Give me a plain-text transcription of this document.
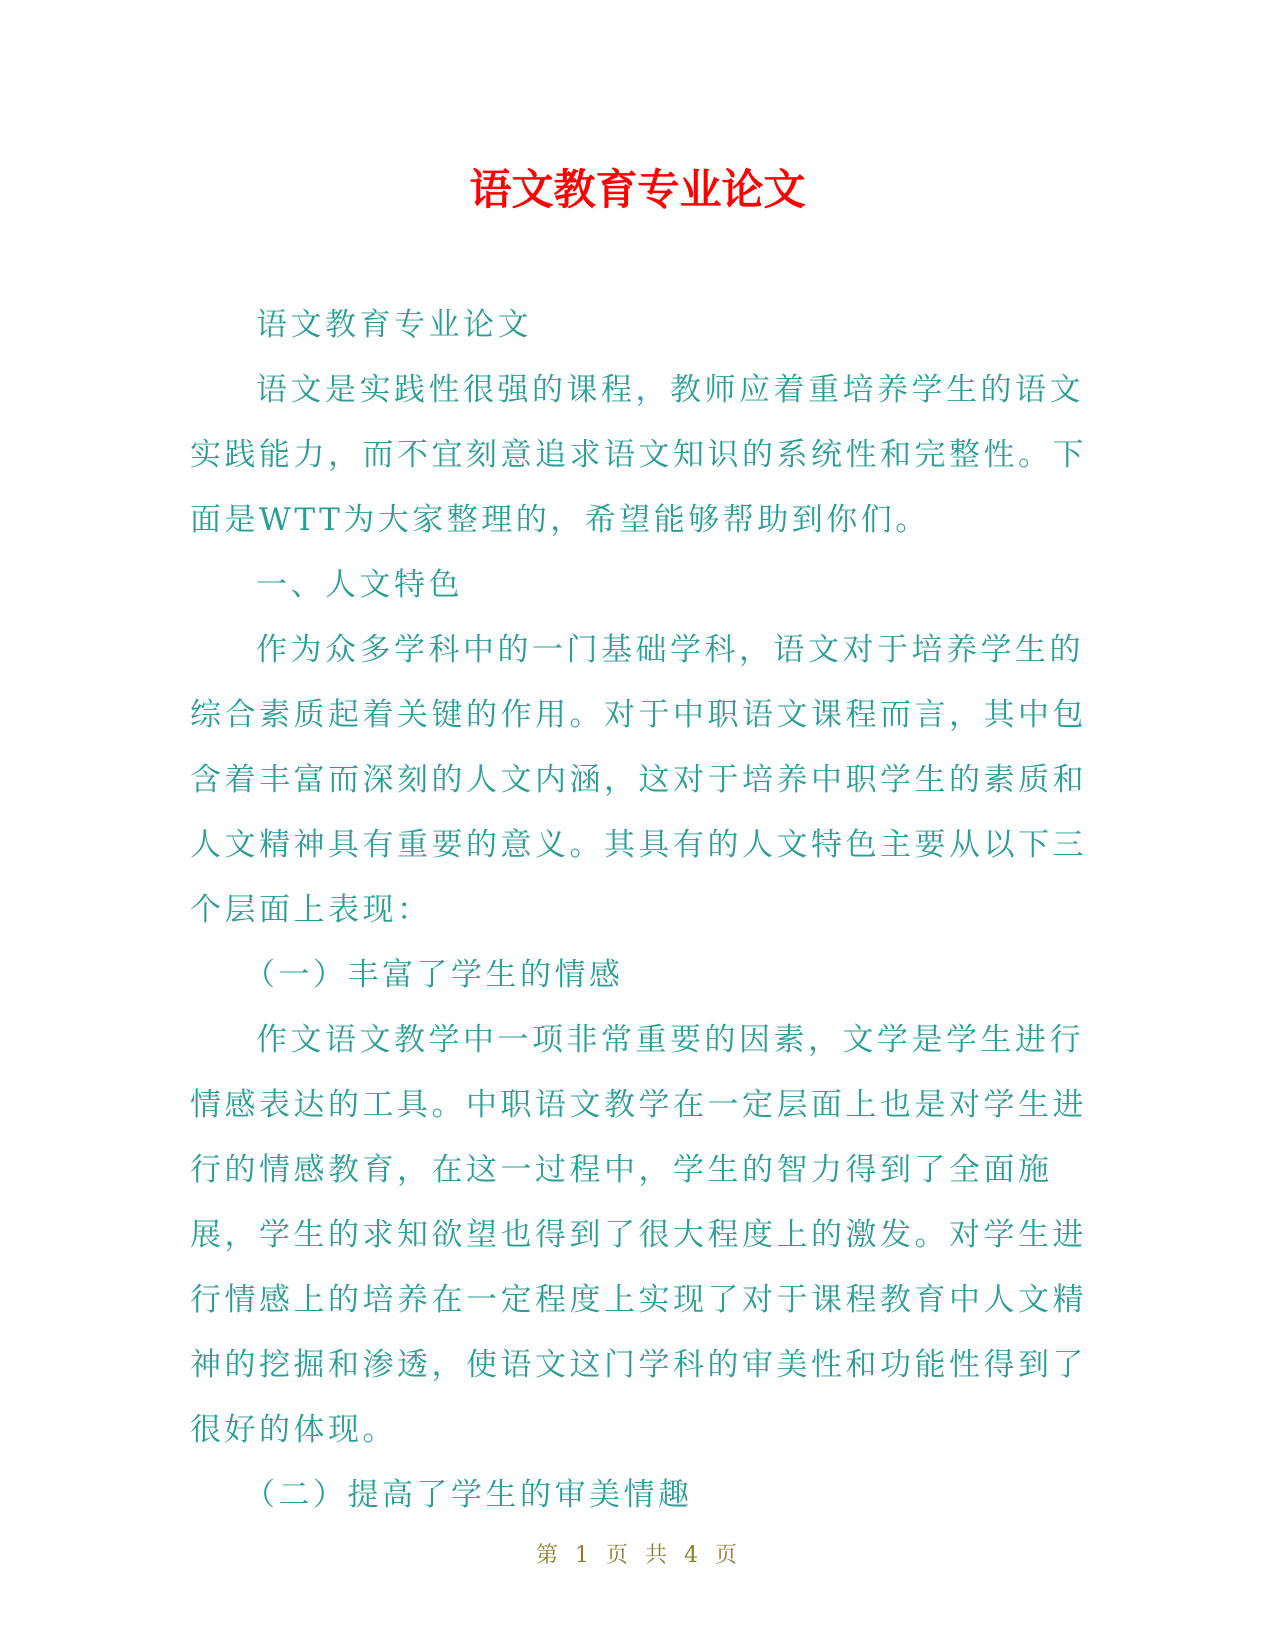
语文教育专业论文

语文教育专业论文

语文是实践性很强的课程，教师应着重培养学生的语文实践能力，而不宜刻意追求语文知识的系统性和完整性。下面是WTT为大家整理的，希望能够帮助到你们。

一、人文特色

作为众多学科中的一门基础学科，语文对于培养学生的综合素质起着关键的作用。对于中职语文课程而言，其中包含着丰富而深刻的人文内涵，这对于培养中职学生的素质和人文精神具有重要的意义。其具有的人文特色主要从以下三个层面上表现：

（一）丰富了学生的情感

作文语文教学中一项非常重要的因素，文学是学生进行情感表达的工具。中职语文教学在一定层面上也是对学生进行的情感教育，在这一过程中，学生的智力得到了全面施展，学生的求知欲望也得到了很大程度上的激发。对学生进行情感上的培养在一定程度上实现了对于课程教育中人文精神的挖掘和渗透，使语文这门学科的审美性和功能性得到了很好的体现。

（二）提高了学生的审美情趣

第 1 页 共 4 页
